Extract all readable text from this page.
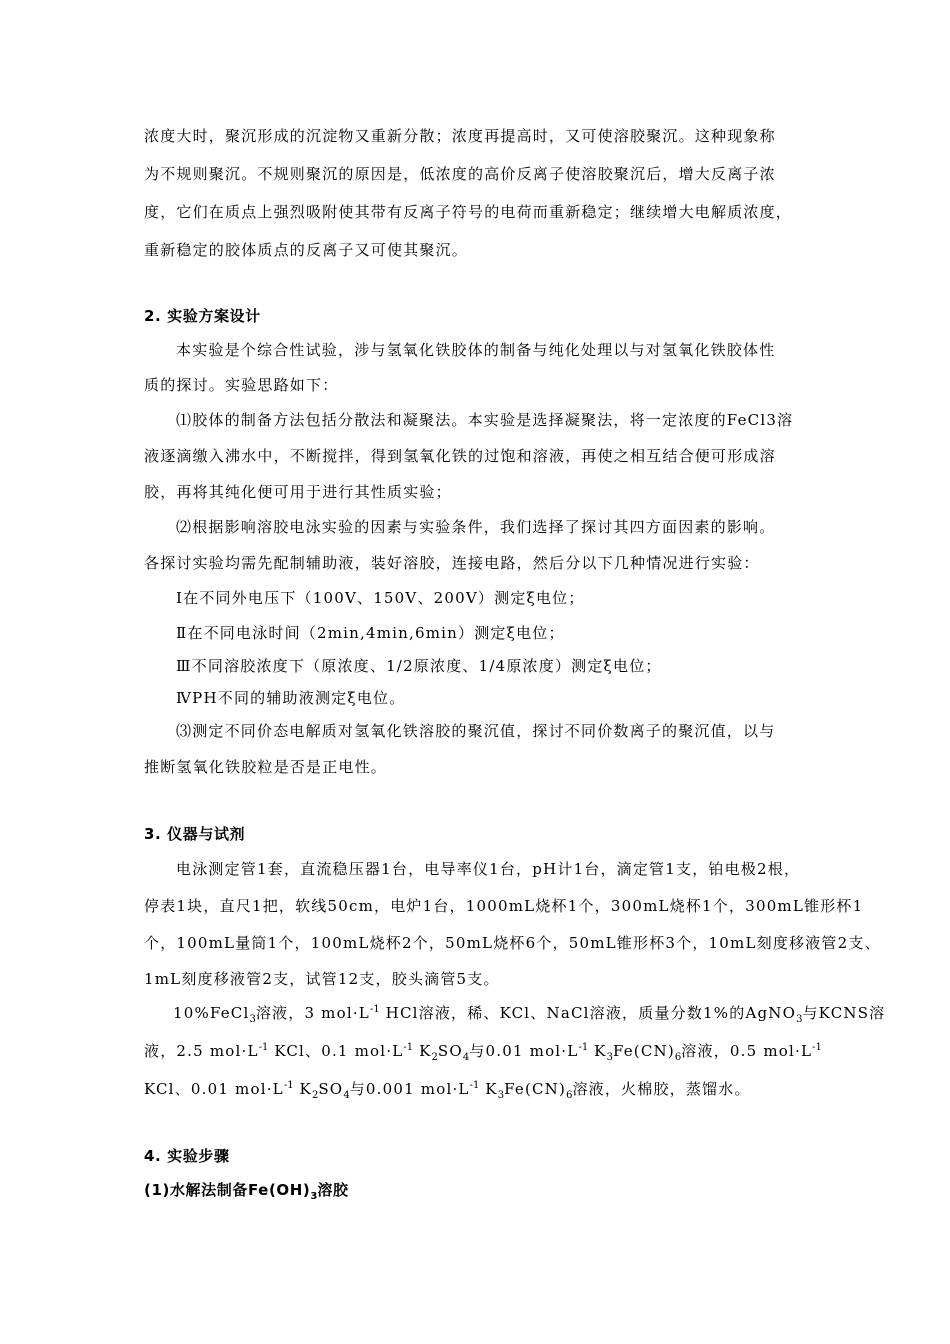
浓度大时，聚沉形成的沉淀物又重新分散；浓度再提高时，又可使溶胶聚沉。这种现象称
为不规则聚沉。不规则聚沉的原因是，低浓度的高价反离子使溶胶聚沉后，增大反离子浓
度，它们在质点上强烈吸附使其带有反离子符号的电荷而重新稳定；继续增大电解质浓度，
重新稳定的胶体质点的反离子又可使其聚沉。
2. 实验方案设计
本实验是个综合性试验，涉与氢氧化铁胶体的制备与纯化处理以与对氢氧化铁胶体性
质的探讨。实验思路如下：
⑴胶体的制备方法包括分散法和凝聚法。本实验是选择凝聚法，将一定浓度的FeCl3溶
液逐滴缴入沸水中，不断搅拌，得到氢氧化铁的过饱和溶液，再使之相互结合便可形成溶
胶，再将其纯化便可用于进行其性质实验；
⑵根据影响溶胶电泳实验的因素与实验条件，我们选择了探讨其四方面因素的影响。
各探讨实验均需先配制辅助液，装好溶胶，连接电路，然后分以下几种情况进行实验：
Ⅰ在不同外电压下（100V、150V、200V）测定ξ电位；
Ⅱ在不同电泳时间（2min,4min,6min）测定ξ电位；
Ⅲ不同溶胶浓度下（原浓度、1/2原浓度、1/4原浓度）测定ξ电位；
ⅣPH不同的辅助液测定ξ电位。
⑶测定不同价态电解质对氢氧化铁溶胶的聚沉值，探讨不同价数离子的聚沉值，以与
推断氢氧化铁胶粒是否是正电性。
3. 仪器与试剂
电泳测定管1套，直流稳压器1台，电导率仪1台，pH计1台，滴定管1支，铂电极2根，
停表1块，直尺1把，软线50cm，电炉1台，1000mL烧杯1个，300mL烧杯1个，300mL锥形杯1
个，100mL量筒1个，100mL烧杯2个，50mL烧杯6个，50mL锥形杯3个，10mL刻度移液管2支、
1mL刻度移液管2支，试管12支，胶头滴管5支。
10%FeCl$_3$溶液，3 $mol\cdot L^{-1}$ HCl溶液，稀、KCl、NaCl溶液，质量分数1%的AgNO$_3$与KCNS溶
液，2.5 $mol\cdot L^{-1}$ KCl、0.1 $mol\cdot L^{-1}$ $K_2SO_4$与0.01 $mol\cdot L^{-1}$ $K_3Fe(CN)_6$溶液，0.5 $mol\cdot L^{-1}$
KCl、0.01 $mol\cdot L^{-1}$ $K_2SO_4$与0.001 $mol\cdot L^{-1}$ $K_3Fe(CN)_6$溶液，火棉胶，蒸馏水。
4. 实验步骤
(1)水解法制备$Fe(OH)_3$溶胶
